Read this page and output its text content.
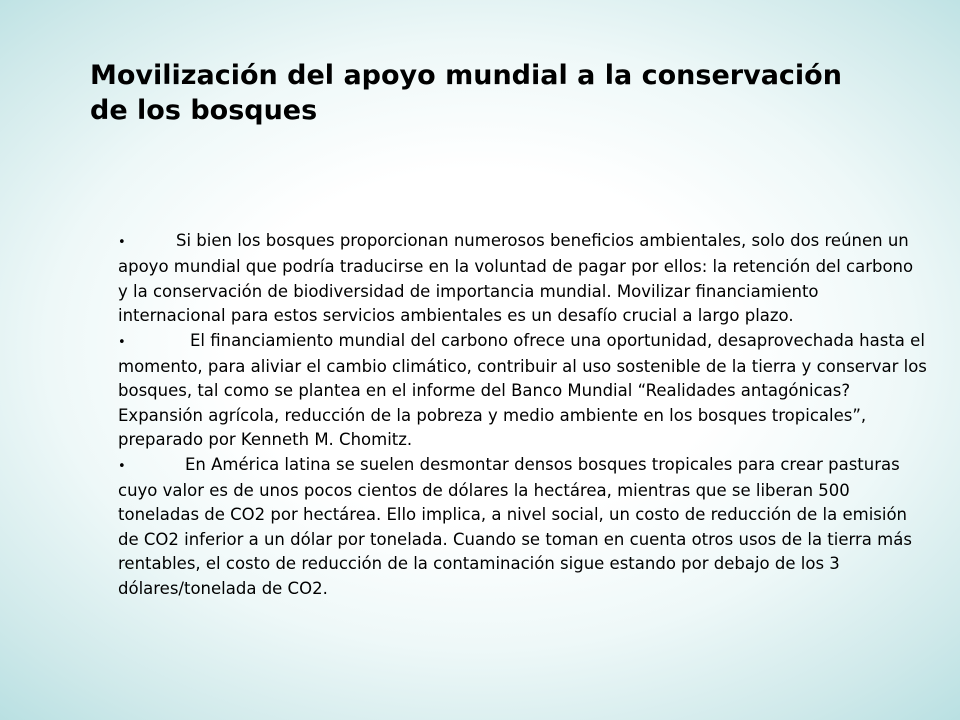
Movilización del apoyo mundial a la conservación
de los bosques

•	Si bien los bosques proporcionan numerosos beneficios ambientales, solo dos reúnen un apoyo mundial que podría traducirse en la voluntad de pagar por ellos: la retención del carbono y la conservación de biodiversidad de importancia mundial. Movilizar financiamiento internacional para estos servicios ambientales es un desafío crucial a largo plazo.

•	El financiamiento mundial del carbono ofrece una oportunidad, desaprovechada hasta el momento, para aliviar el cambio climático, contribuir al uso sostenible de la tierra y conservar los bosques, tal como se plantea en el informe del Banco Mundial “Realidades antagónicas? Expansión agrícola, reducción de la pobreza y medio ambiente en los bosques tropicales”, preparado por Kenneth M. Chomitz.

•	En América latina se suelen desmontar densos bosques tropicales para crear pasturas cuyo valor es de unos pocos cientos de dólares la hectárea, mientras que se liberan 500 toneladas de CO2 por hectárea. Ello implica, a nivel social, un costo de reducción de la emisión de CO2 inferior a un dólar por tonelada. Cuando se toman en cuenta otros usos de la tierra más rentables, el costo de reducción de la contaminación sigue estando por debajo de los 3 dólares/tonelada de CO2.
